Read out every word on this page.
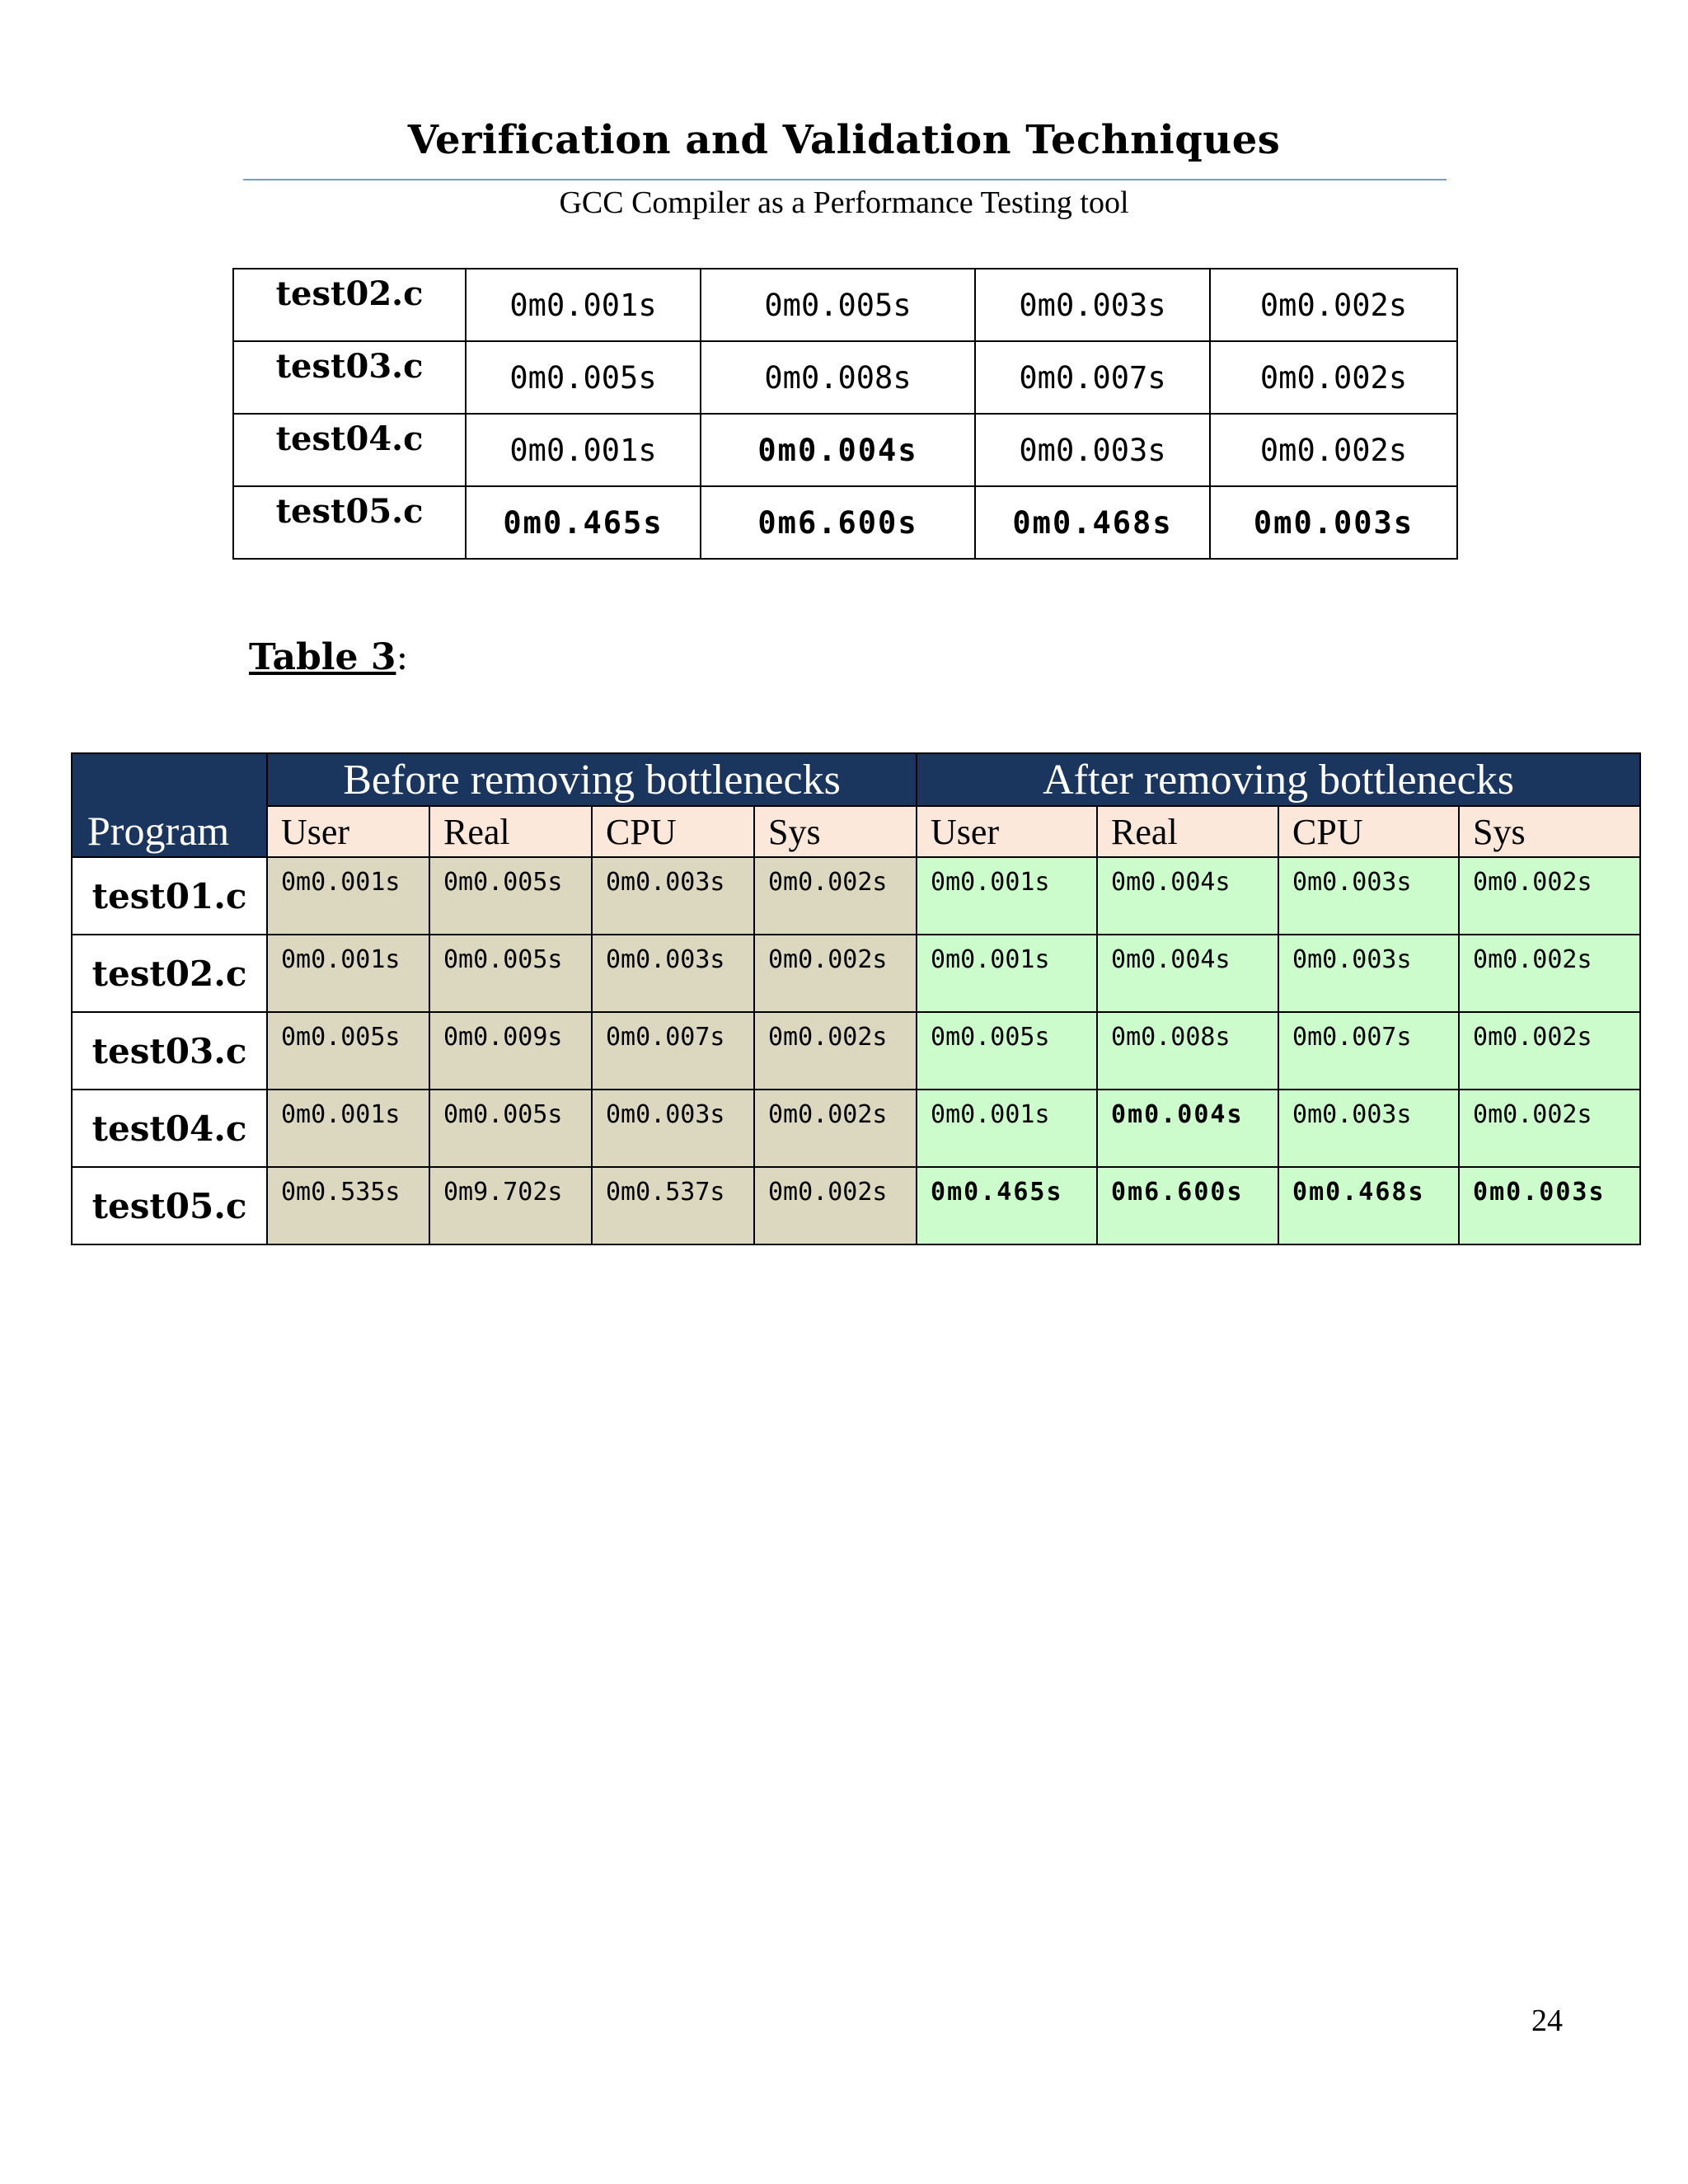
Verification and Validation Techniques
GCC Compiler as a Performance Testing tool
test02.c	0m0.001s	0m0.005s	0m0.003s	0m0.002s
test03.c	0m0.005s	0m0.008s	0m0.007s	0m0.002s
test04.c	0m0.001s	0m0.004s	0m0.003s	0m0.002s
test05.c	0m0.465s	0m6.600s	0m0.468s	0m0.003s
Table 3:
Program	Before removing bottlenecks				After removing bottlenecks			
	User	Real	CPU	Sys	User	Real	CPU	Sys
test01.c	0m0.001s	0m0.005s	0m0.003s	0m0.002s	0m0.001s	0m0.004s	0m0.003s	0m0.002s
test02.c	0m0.001s	0m0.005s	0m0.003s	0m0.002s	0m0.001s	0m0.004s	0m0.003s	0m0.002s
test03.c	0m0.005s	0m0.009s	0m0.007s	0m0.002s	0m0.005s	0m0.008s	0m0.007s	0m0.002s
test04.c	0m0.001s	0m0.005s	0m0.003s	0m0.002s	0m0.001s	0m0.004s	0m0.003s	0m0.002s
test05.c	0m0.535s	0m9.702s	0m0.537s	0m0.002s	0m0.465s	0m6.600s	0m0.468s	0m0.003s
24
